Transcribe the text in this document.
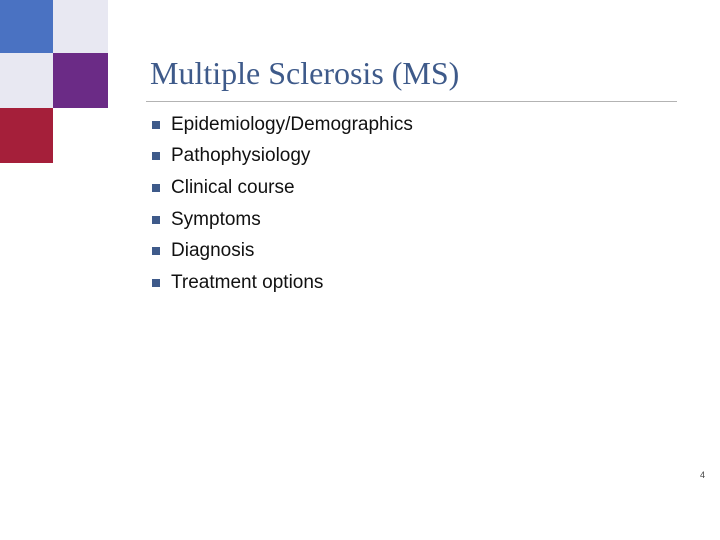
Multiple Sclerosis (MS)
Epidemiology/Demographics
Pathophysiology
Clinical course
Symptoms
Diagnosis
Treatment options
4
